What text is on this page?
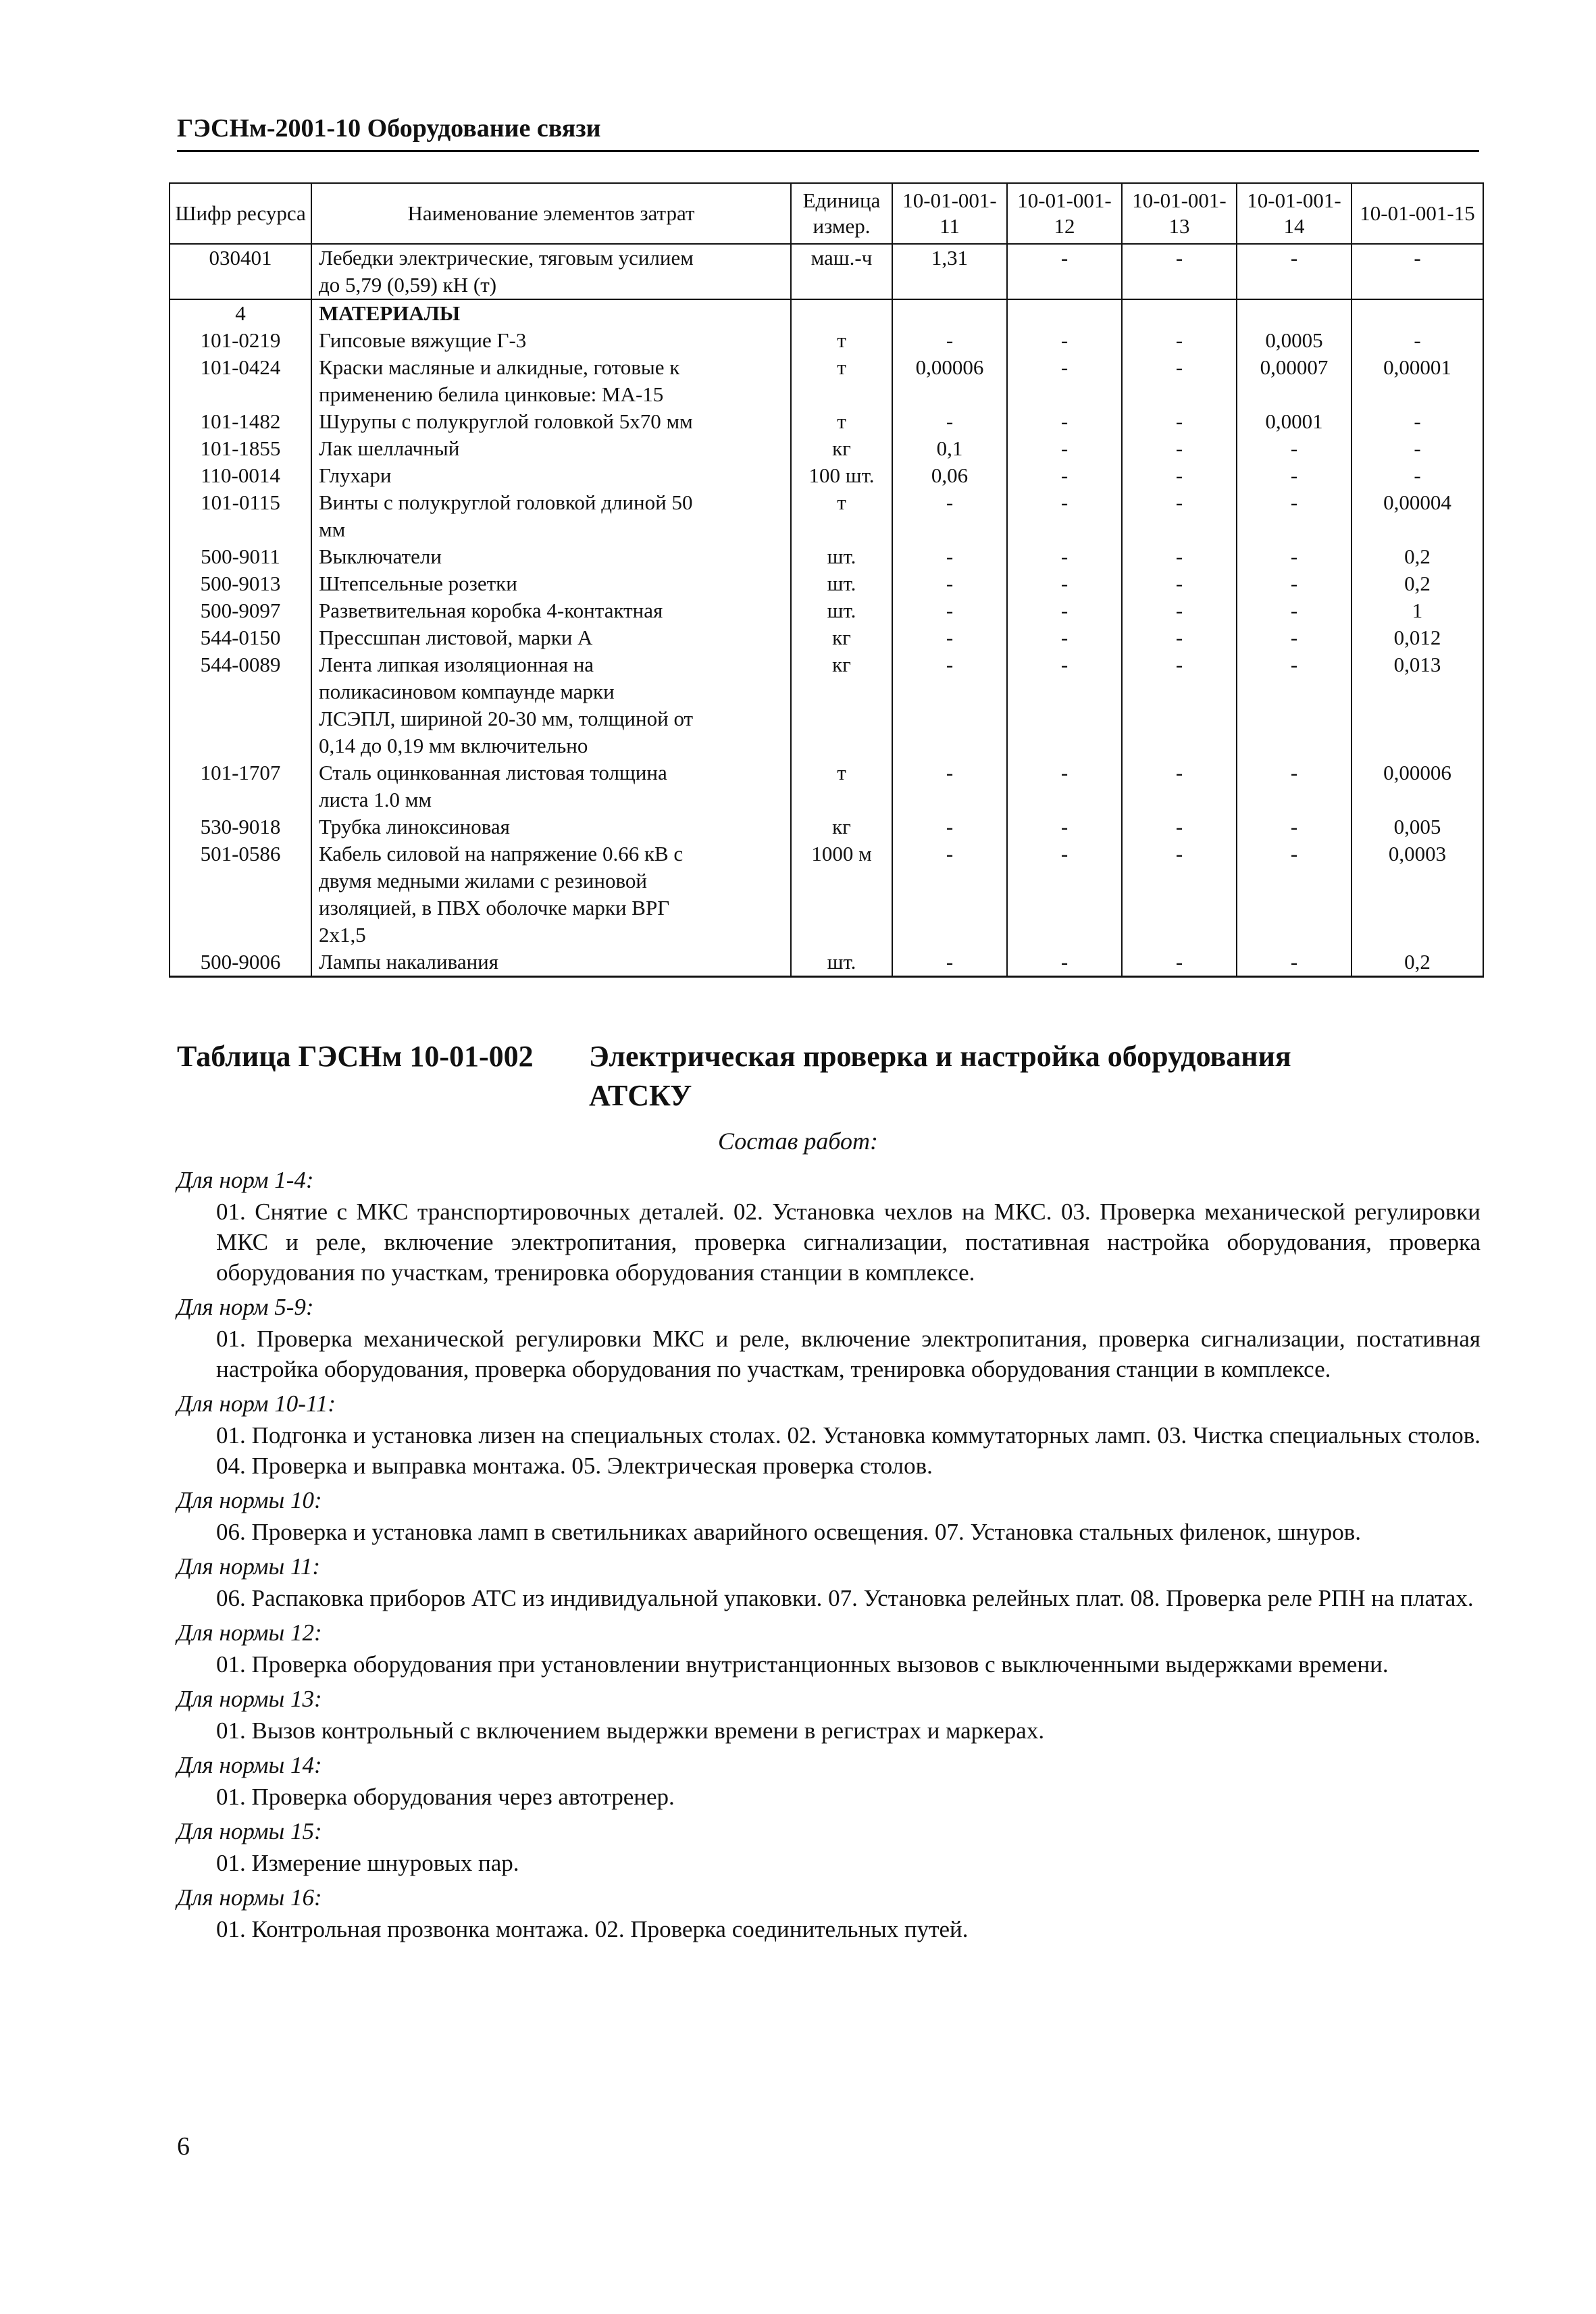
ГЭСНм-2001-10 Оборудование связи
Шифр ресурса	Наименование элементов затрат	Единица измер.	10-01-001-11	10-01-001-12	10-01-001-13	10-01-001-14	10-01-001-15
030401	Лебедки электрические, тяговым усилием
до 5,79 (0,59) кН (т)	маш.-ч	1,31	-	-	-	-
4	МАТЕРИАЛЫ						

101-0219	Гипсовые вяжущие Г-3	т	-	-	-	0,0005	-
101-0424	Краски масляные и алкидные, готовые к
применению белила цинковые: МА-15	т	0,00006	-	-	0,00007	0,00001
101-1482	Шурупы с полукруглой головкой 5х70 мм	т	-	-	-	0,0001	-
101-1855	Лак шеллачный	кг	0,1	-	-	-	-
110-0014	Глухари	100 шт.	0,06	-	-	-	-
101-0115	Винты с полукруглой головкой длиной 50
мм	т	-	-	-	-	0,00004
500-9011	Выключатели	шт.	-	-	-	-	0,2
500-9013	Штепсельные розетки	шт.	-	-	-	-	0,2
500-9097	Разветвительная коробка 4-контактная	шт.	-	-	-	-	1
544-0150	Прессшпан листовой, марки А	кг	-	-	-	-	0,012
544-0089	Лента липкая изоляционная на
поликасиновом компаунде марки
ЛСЭПЛ, шириной 20-30 мм, толщиной от
0,14 до 0,19 мм включительно	кг	-	-	-	-	0,013
101-1707	Сталь оцинкованная листовая толщина
листа 1.0 мм	т	-	-	-	-	0,00006
530-9018	Трубка линоксиновая	кг	-	-	-	-	0,005
501-0586	Кабель силовой на напряжение 0.66 кВ с
двумя медными жилами с резиновой
изоляцией, в ПВХ оболочке марки ВРГ
2х1,5	1000 м	-	-	-	-	0,0003
500-9006	Лампы накаливания	шт.	-	-	-	-	0,2
Таблица ГЭСНм 10-01-002 Электрическая проверка и настройка оборудования
АТСКУ
Состав работ:
Для норм 1-4:
01. Снятие с МКС транспортировочных деталей. 02. Установка чехлов на МКС. 03. Проверка механической регулировки МКС и реле, включение электропитания, проверка сигнализации, постативная настройка оборудования, проверка оборудования по участкам, тренировка оборудования станции в комплексе.
Для норм 5-9:
01. Проверка механической регулировки МКС и реле, включение электропитания, проверка сигнализации, постативная настройка оборудования, проверка оборудования по участкам, тренировка оборудования станции в комплексе.
Для норм 10-11:
01. Подгонка и установка лизен на специальных столах. 02. Установка коммутаторных ламп. 03. Чистка специальных столов. 04. Проверка и выправка монтажа. 05. Электрическая проверка столов.
Для нормы 10:
06. Проверка и установка ламп в светильниках аварийного освещения. 07. Установка стальных филенок, шнуров.
Для нормы 11:
06. Распаковка приборов АТС из индивидуальной упаковки. 07. Установка релейных плат. 08. Проверка реле РПН на платах.
Для нормы 12:
01. Проверка оборудования при установлении внутристанционных вызовов с выключенными выдержками времени.
Для нормы 13:
01. Вызов контрольный с включением выдержки времени в регистрах и маркерах.
Для нормы 14:
01. Проверка оборудования через автотренер.
Для нормы 15:
01. Измерение шнуровых пар.
Для нормы 16:
01. Контрольная прозвонка монтажа. 02. Проверка соединительных путей.
6
